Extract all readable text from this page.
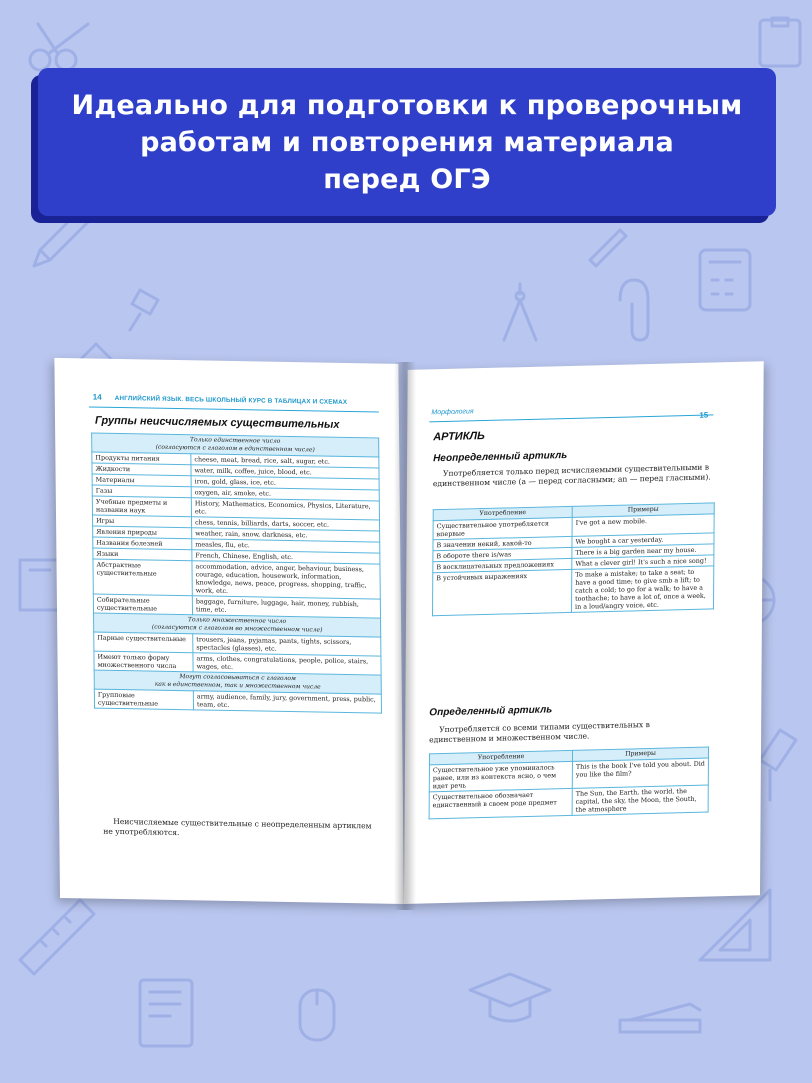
Идеально для подготовки к проверочным
работам и повторения материала
перед ОГЭ
14 АНГЛИЙСКИЙ ЯЗЫК. ВЕСЬ ШКОЛЬНЫЙ КУРС В ТАБЛИЦАХ И СХЕМАХ
Группы неисчисляемых существительных
Только единственное число
(согласуются с глаголом в единственном числе)	

Продукты питания	cheese, meat, bread, rice, salt, sugar, etc.
Жидкости	water, milk, coffee, juice, blood, etc.
Материалы	iron, gold, glass, ice, etc.
Газы	oxygen, air, smoke, etc.
Учебные предметы и названия наук	History, Mathematics, Economics, Physics, Literature, etc.
Игры	chess, tennis, billiards, darts, soccer, etc.
Явления природы	weather, rain, snow, darkness, etc.
Названия болезней	measles, flu, etc.
Языки	French, Chinese, English, etc.
Абстрактные существительные	accommodation, advice, anger, behaviour, business, courage, education, housework, information, knowledge, news, peace, progress, shopping, traffic, work, etc.
Собирательные существительные	baggage, furniture, luggage, hair, money, rubbish, time, etc.

Только множественное число
(согласуются с глаголом во множественном числе)	

Парные существительные	trousers, jeans, pyjamas, pants, tights, scissors, spectacles (glasses), etc.
Имеют только форму множественного числа	arms, clothes, congratulations, people, police, stairs, wages, etc.

Могут согласовываться с глаголом
как в единственном, так и множественном числе	

Групповые существительные	army, audience, family, jury, government, press, public, team, etc.
Неисчисляемые существительные с неопределенным артиклем не употребляются.
Морфология	15
АРТИКЛЬ
Неопределенный артикль
Употребляется только перед исчисляемыми существительными в единственном числе (a — перед согласными; an — перед гласными).
Употребление	Примеры
Существительное употребляется впервые	I've got a new mobile.
В значении некий, какой-то	We bought a car yesterday.
В обороте there is/was	There is a big garden near my house.
В восклицательных предложениях	What a clever girl! It's such a nice song!
В устойчивых выражениях	To make a mistake; to take a seat; to have a good time; to give smb a lift; to catch a cold; to go for a walk; to have a toothache; to have a lot of, once a week, in a loud/angry voice, etc.
Определенный артикль
Употребляется со всеми типами существительных в единственном и множественном числе.
Употребление	Примеры
Существительное уже упоминалось ранее, или из контекста ясно, о чем идет речь	This is the book I've told you about. Did you like the film?
Существительное обозначает единственный в своем роде предмет	The Sun, the Earth, the world, the capital, the sky, the Moon, the South, the atmosphere
